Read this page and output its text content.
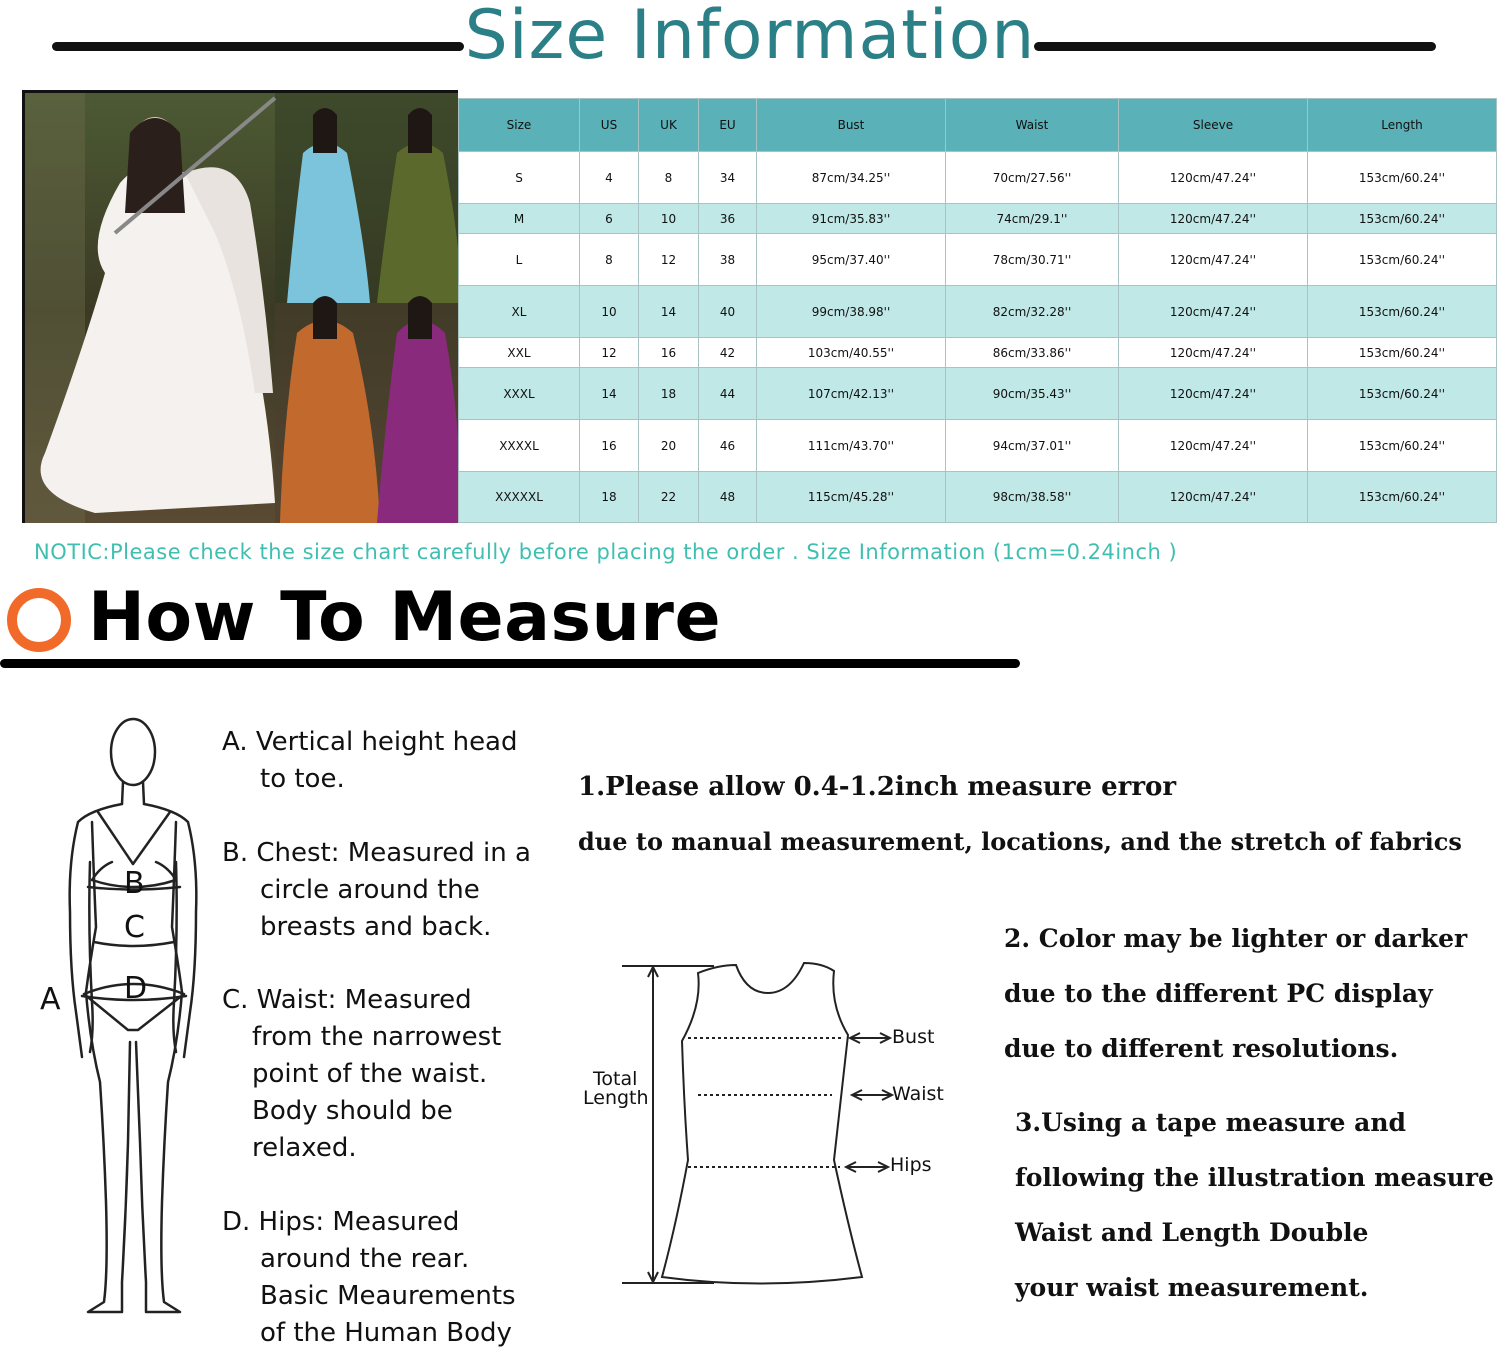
Size Information
Size	US	UK	EU	Bust	Waist	Sleeve	Length
S	4	8	34	87cm/34.25''	70cm/27.56''	120cm/47.24''	153cm/60.24''
M	6	10	36	91cm/35.83''	74cm/29.1''	120cm/47.24''	153cm/60.24''
L	8	12	38	95cm/37.40''	78cm/30.71''	120cm/47.24''	153cm/60.24''
XL	10	14	40	99cm/38.98''	82cm/32.28''	120cm/47.24''	153cm/60.24''
XXL	12	16	42	103cm/40.55''	86cm/33.86''	120cm/47.24''	153cm/60.24''
XXXL	14	18	44	107cm/42.13''	90cm/35.43''	120cm/47.24''	153cm/60.24''
XXXXL	16	20	46	111cm/43.70''	94cm/37.01''	120cm/47.24''	153cm/60.24''
XXXXXL	18	22	48	115cm/45.28''	98cm/38.58''	120cm/47.24''	153cm/60.24''
NOTIC:Please check the size chart carefully before placing the order . Size Information (1cm=0.24inch )
How To Measure
B
C
D
A
A. Vertical height head
to toe.
B. Chest: Measured in a
circle around the
breasts and back.
C. Waist: Measured
from the narrowest
point of the waist.
Body should be
relaxed.
D. Hips: Measured
around the rear.
Basic Meaurements
of the Human Body
1.Please allow 0.4-1.2inch measure error
due to manual measurement, locations, and the stretch of fabrics
2. Color may be lighter or darker
due to the different PC display
due to different resolutions.
3.Using a tape measure and
following the illustration measure
Waist and Length Double
your waist measurement.
Total
Length
Bust
Waist
Hips
